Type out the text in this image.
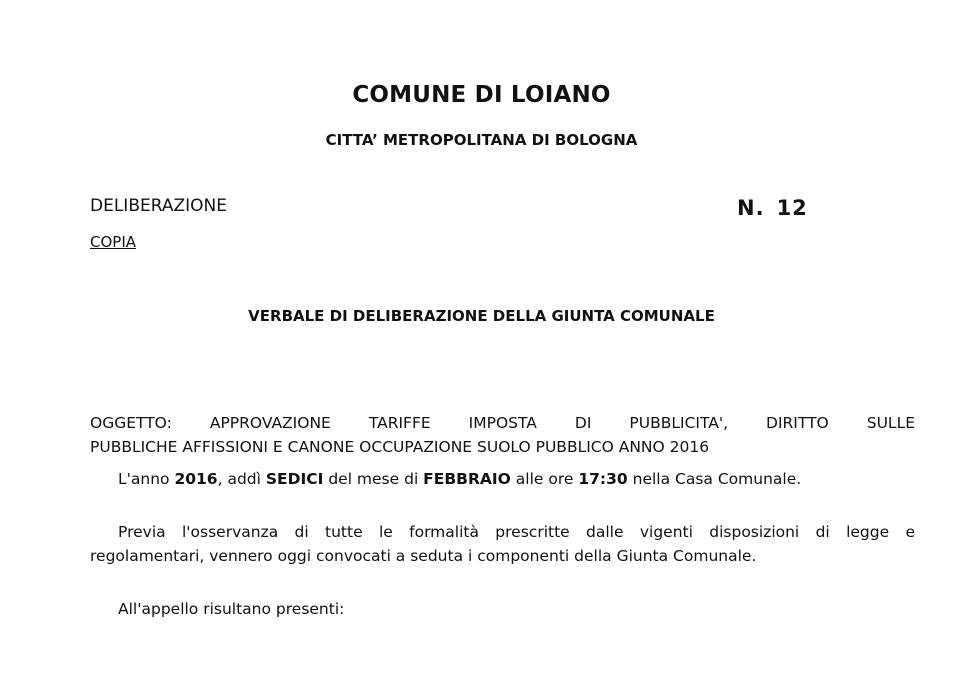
COMUNE DI LOIANO
CITTA’ METROPOLITANA DI BOLOGNA
DELIBERAZIONE
COPIA
N. 12
VERBALE DI DELIBERAZIONE DELLA GIUNTA COMUNALE
OGGETTO: APPROVAZIONE TARIFFE IMPOSTA DI PUBBLICITA', DIRITTO SULLE
PUBBLICHE AFFISSIONI E CANONE OCCUPAZIONE SUOLO PUBBLICO ANNO 2016
L'anno 2016, addì SEDICI del mese di FEBBRAIO alle ore 17:30 nella Casa Comunale.
Previa l'osservanza di tutte le formalità prescritte dalle vigenti disposizioni di legge e
regolamentari, vennero oggi convocati a seduta i componenti della Giunta Comunale.
All'appello risultano presenti:
